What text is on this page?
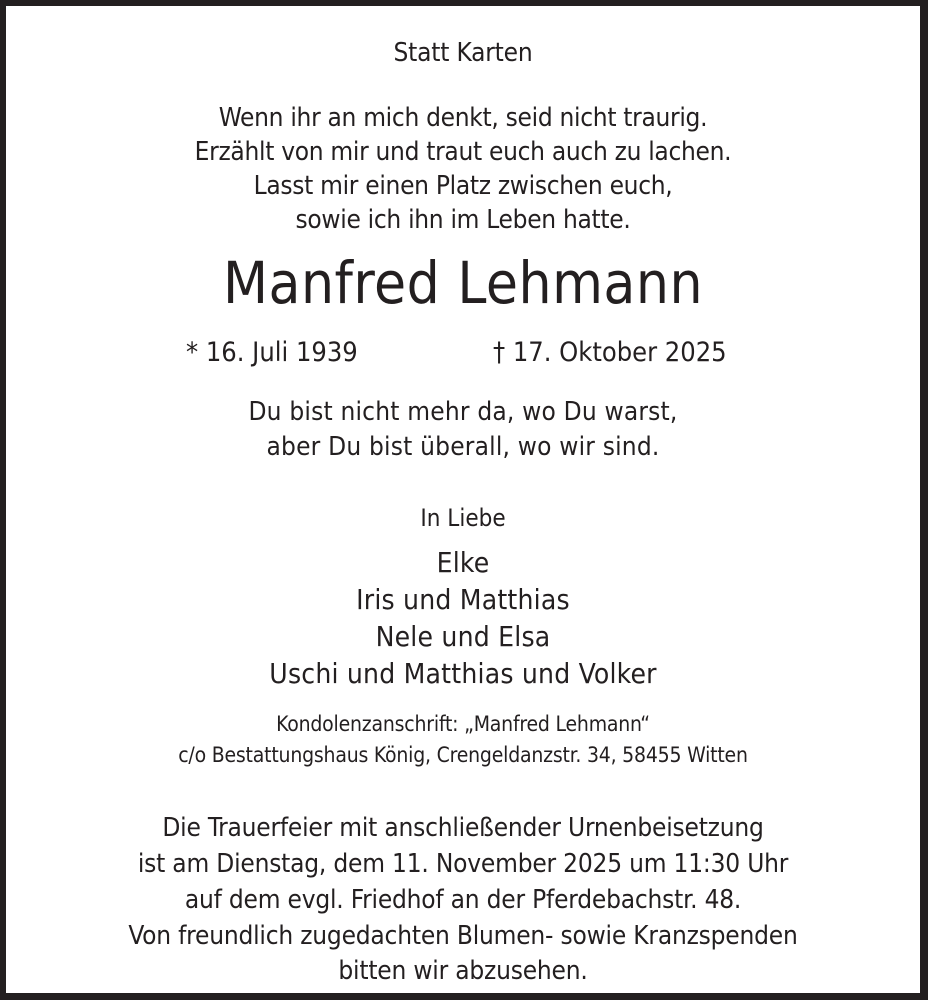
Statt Karten
Wenn ihr an mich denkt, seid nicht traurig.
Erzählt von mir und traut euch auch zu lachen.
Lasst mir einen Platz zwischen euch,
sowie ich ihn im Leben hatte.
Manfred Lehmann
* 16. Juli 1939	† 17. Oktober 2025
Du bist nicht mehr da, wo Du warst,
aber Du bist überall, wo wir sind.
In Liebe
Elke
Iris und Matthias
Nele und Elsa
Uschi und Matthias und Volker
Kondolenzanschrift: „Manfred Lehmann“
c/o Bestattungshaus König, Crengeldanzstr. 34, 58455 Witten
Die Trauerfeier mit anschließender Urnenbeisetzung
ist am Dienstag, dem 11. November 2025 um 11:30 Uhr
auf dem evgl. Friedhof an der Pferdebachstr. 48.
Von freundlich zugedachten Blumen- sowie Kranzspenden
bitten wir abzusehen.
